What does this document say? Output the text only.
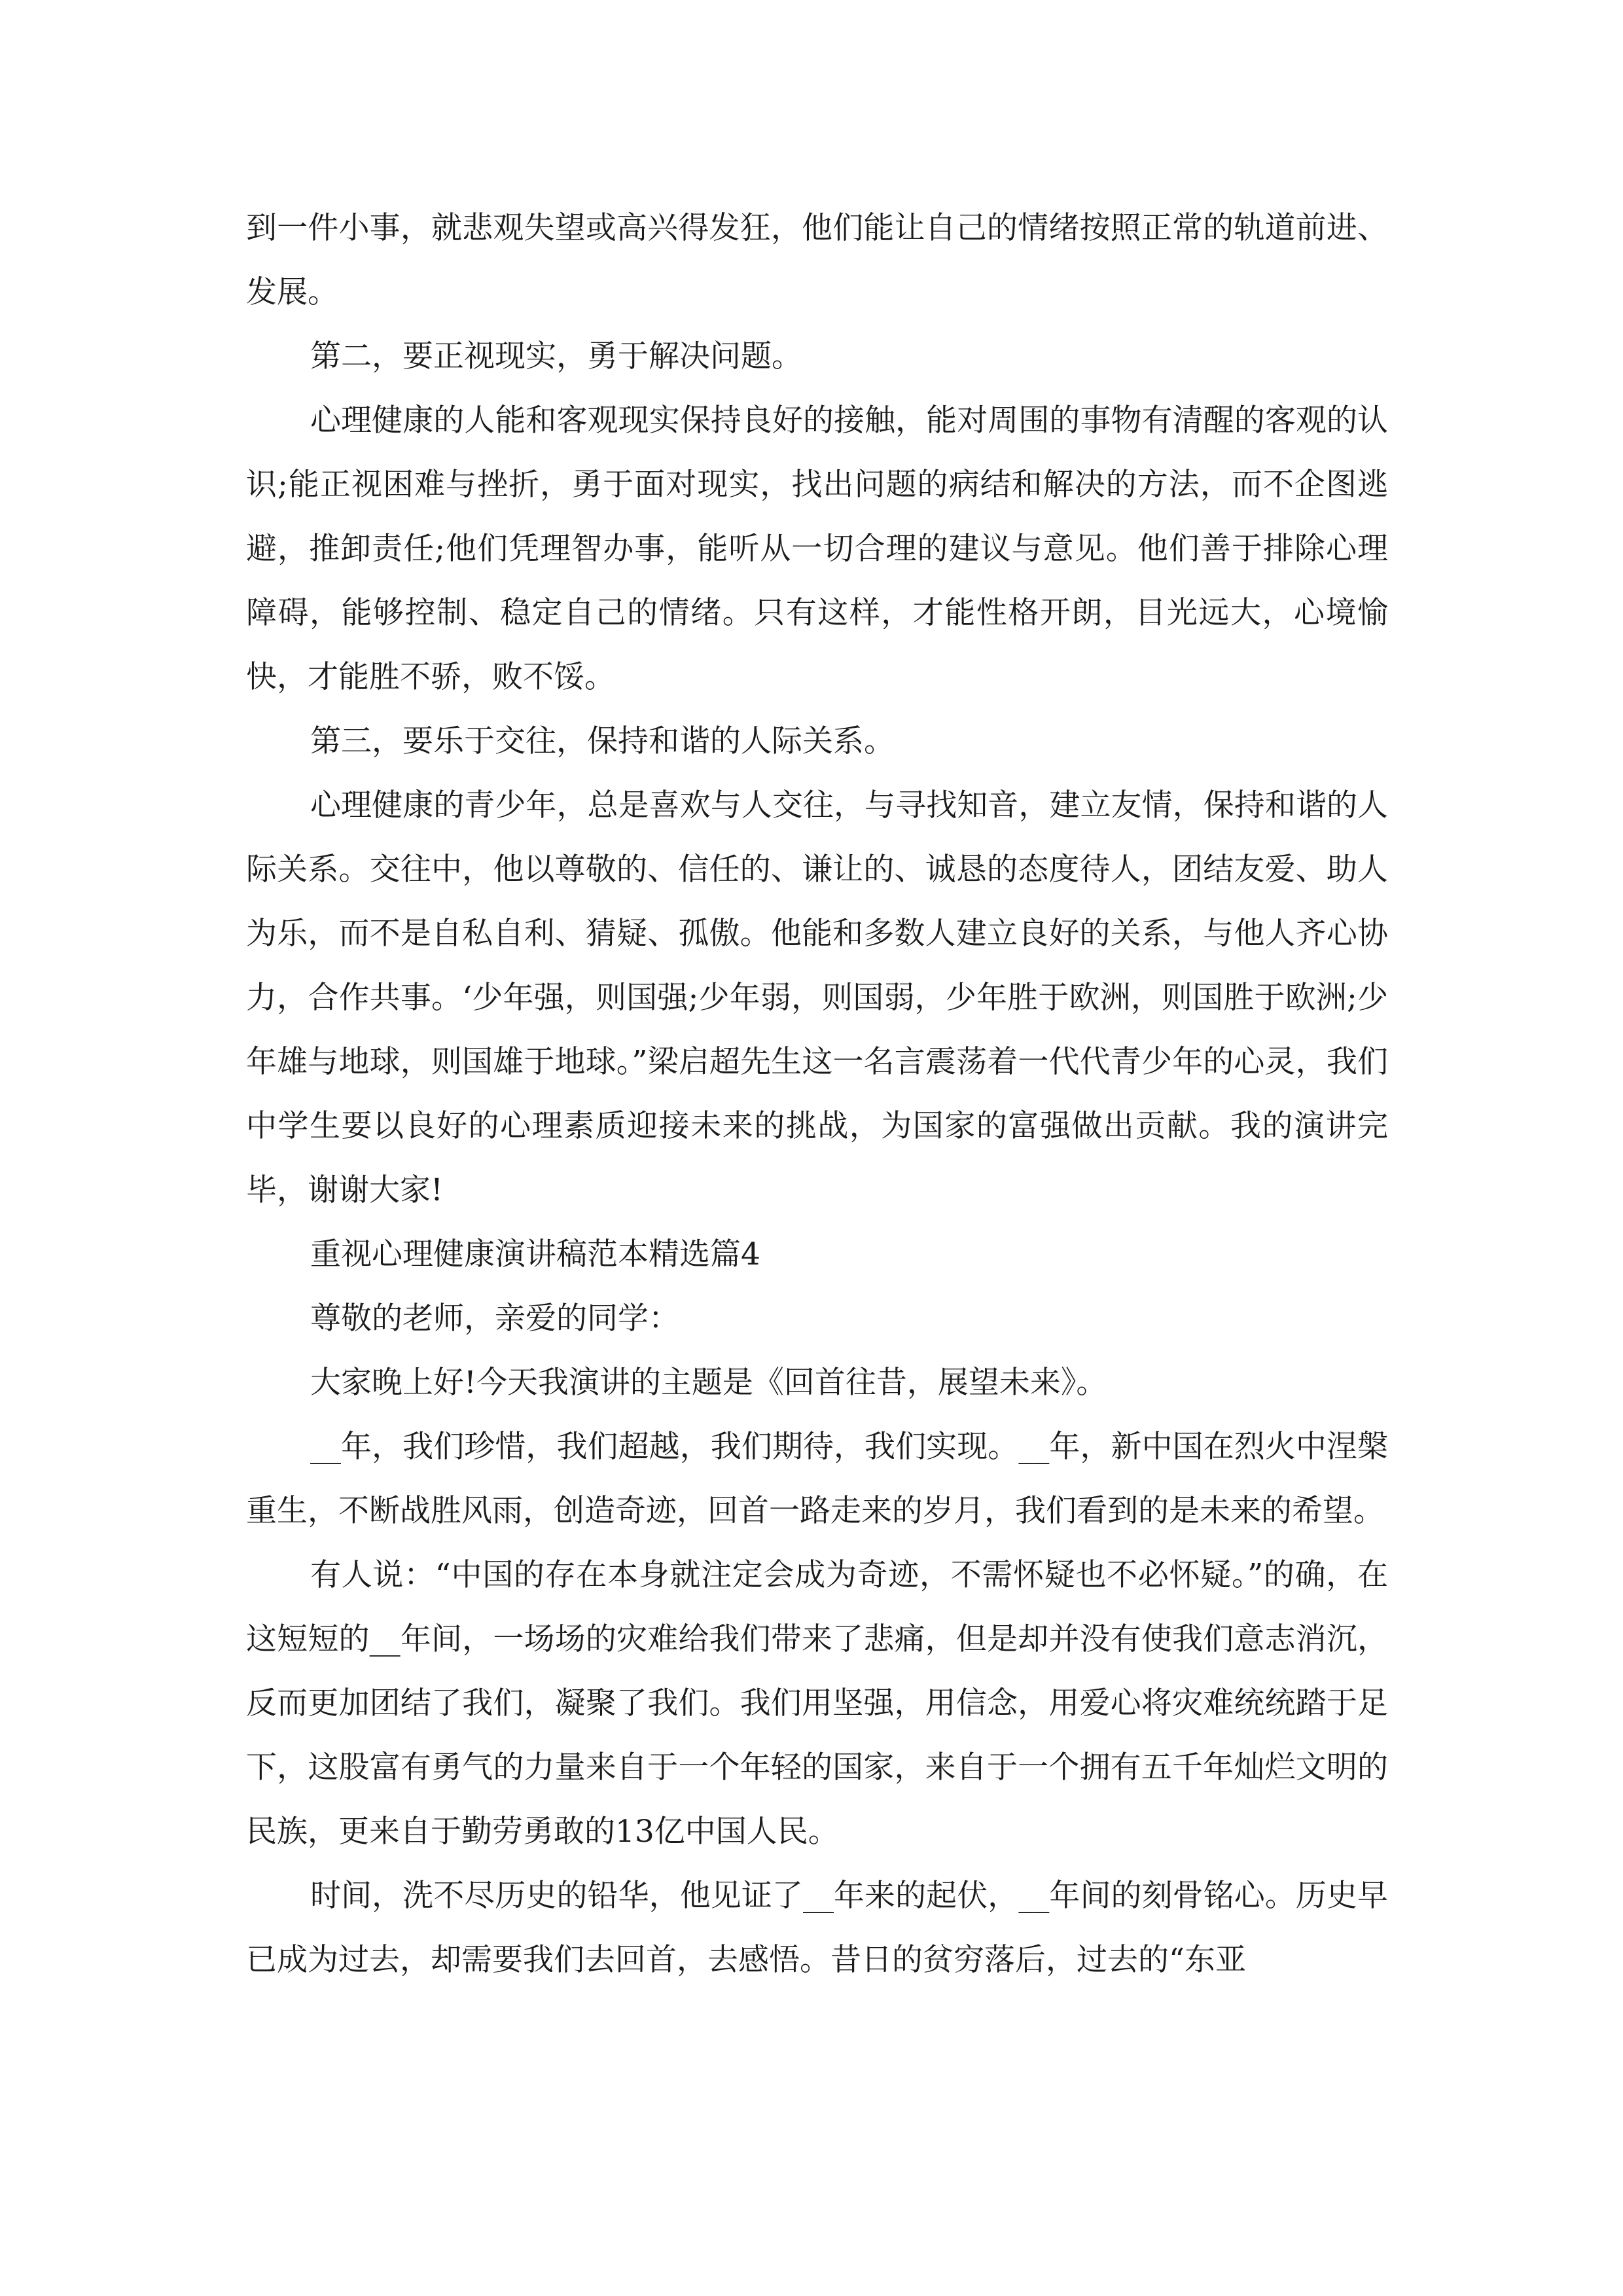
到一件小事，就悲观失望或高兴得发狂，他们能让自己的情绪按照正常的轨道前进、发展。

第二，要正视现实，勇于解决问题。

心理健康的人能和客观现实保持良好的接触，能对周围的事物有清醒的客观的认识;能正视困难与挫折，勇于面对现实，找出问题的病结和解决的方法，而不企图逃避，推卸责任;他们凭理智办事，能听从一切合理的建议与意见。他们善于排除心理障碍，能够控制、稳定自己的情绪。只有这样，才能性格开朗，目光远大，心境愉快，才能胜不骄，败不馁。

第三，要乐于交往，保持和谐的人际关系。

心理健康的青少年，总是喜欢与人交往，与寻找知音，建立友情，保持和谐的人际关系。交往中，他以尊敬的、信任的、谦让的、诚恳的态度待人，团结友爱、助人为乐，而不是自私自利、猜疑、孤傲。他能和多数人建立良好的关系，与他人齐心协力，合作共事。‘少年强，则国强;少年弱，则国弱，少年胜于欧洲，则国胜于欧洲;少年雄与地球，则国雄于地球。”梁启超先生这一名言震荡着一代代青少年的心灵，我们中学生要以良好的心理素质迎接未来的挑战，为国家的富强做出贡献。我的演讲完毕，谢谢大家!

重视心理健康演讲稿范本精选篇4

尊敬的老师，亲爱的同学：

大家晚上好!今天我演讲的主题是《回首往昔，展望未来》。

__年，我们珍惜，我们超越，我们期待，我们实现。__年，新中国在烈火中涅槃重生，不断战胜风雨，创造奇迹，回首一路走来的岁月，我们看到的是未来的希望。

有人说：“中国的存在本身就注定会成为奇迹，不需怀疑也不必怀疑。”的确，在这短短的__年间，一场场的灾难给我们带来了悲痛，但是却并没有使我们意志消沉，反而更加团结了我们，凝聚了我们。我们用坚强，用信念，用爱心将灾难统统踏于足下，这股富有勇气的力量来自于一个年轻的国家，来自于一个拥有五千年灿烂文明的民族，更来自于勤劳勇敢的13亿中国人民。

时间，洗不尽历史的铅华，他见证了__年来的起伏，__年间的刻骨铭心。历史早已成为过去，却需要我们去回首，去感悟。昔日的贫穷落后，过去的“东亚
